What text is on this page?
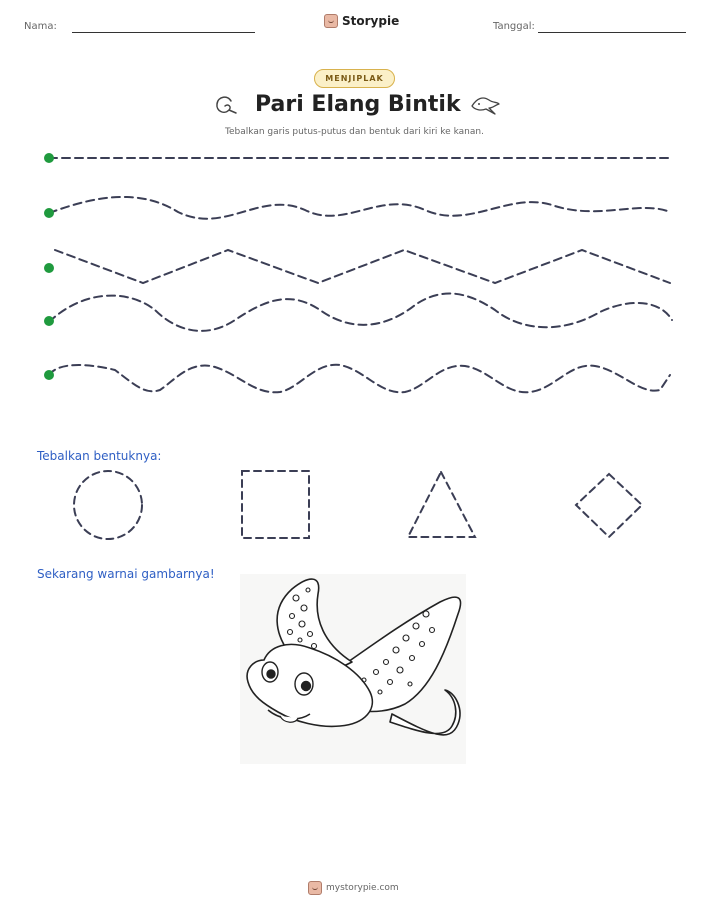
Nama:	Storypie	Tanggal:
MENJIPLAK
Pari Elang Bintik
Tebalkan garis putus-putus dan bentuk dari kiri ke kanan.
Tebalkan bentuknya:
Sekarang warnai gambarnya!
mystorypie.com
